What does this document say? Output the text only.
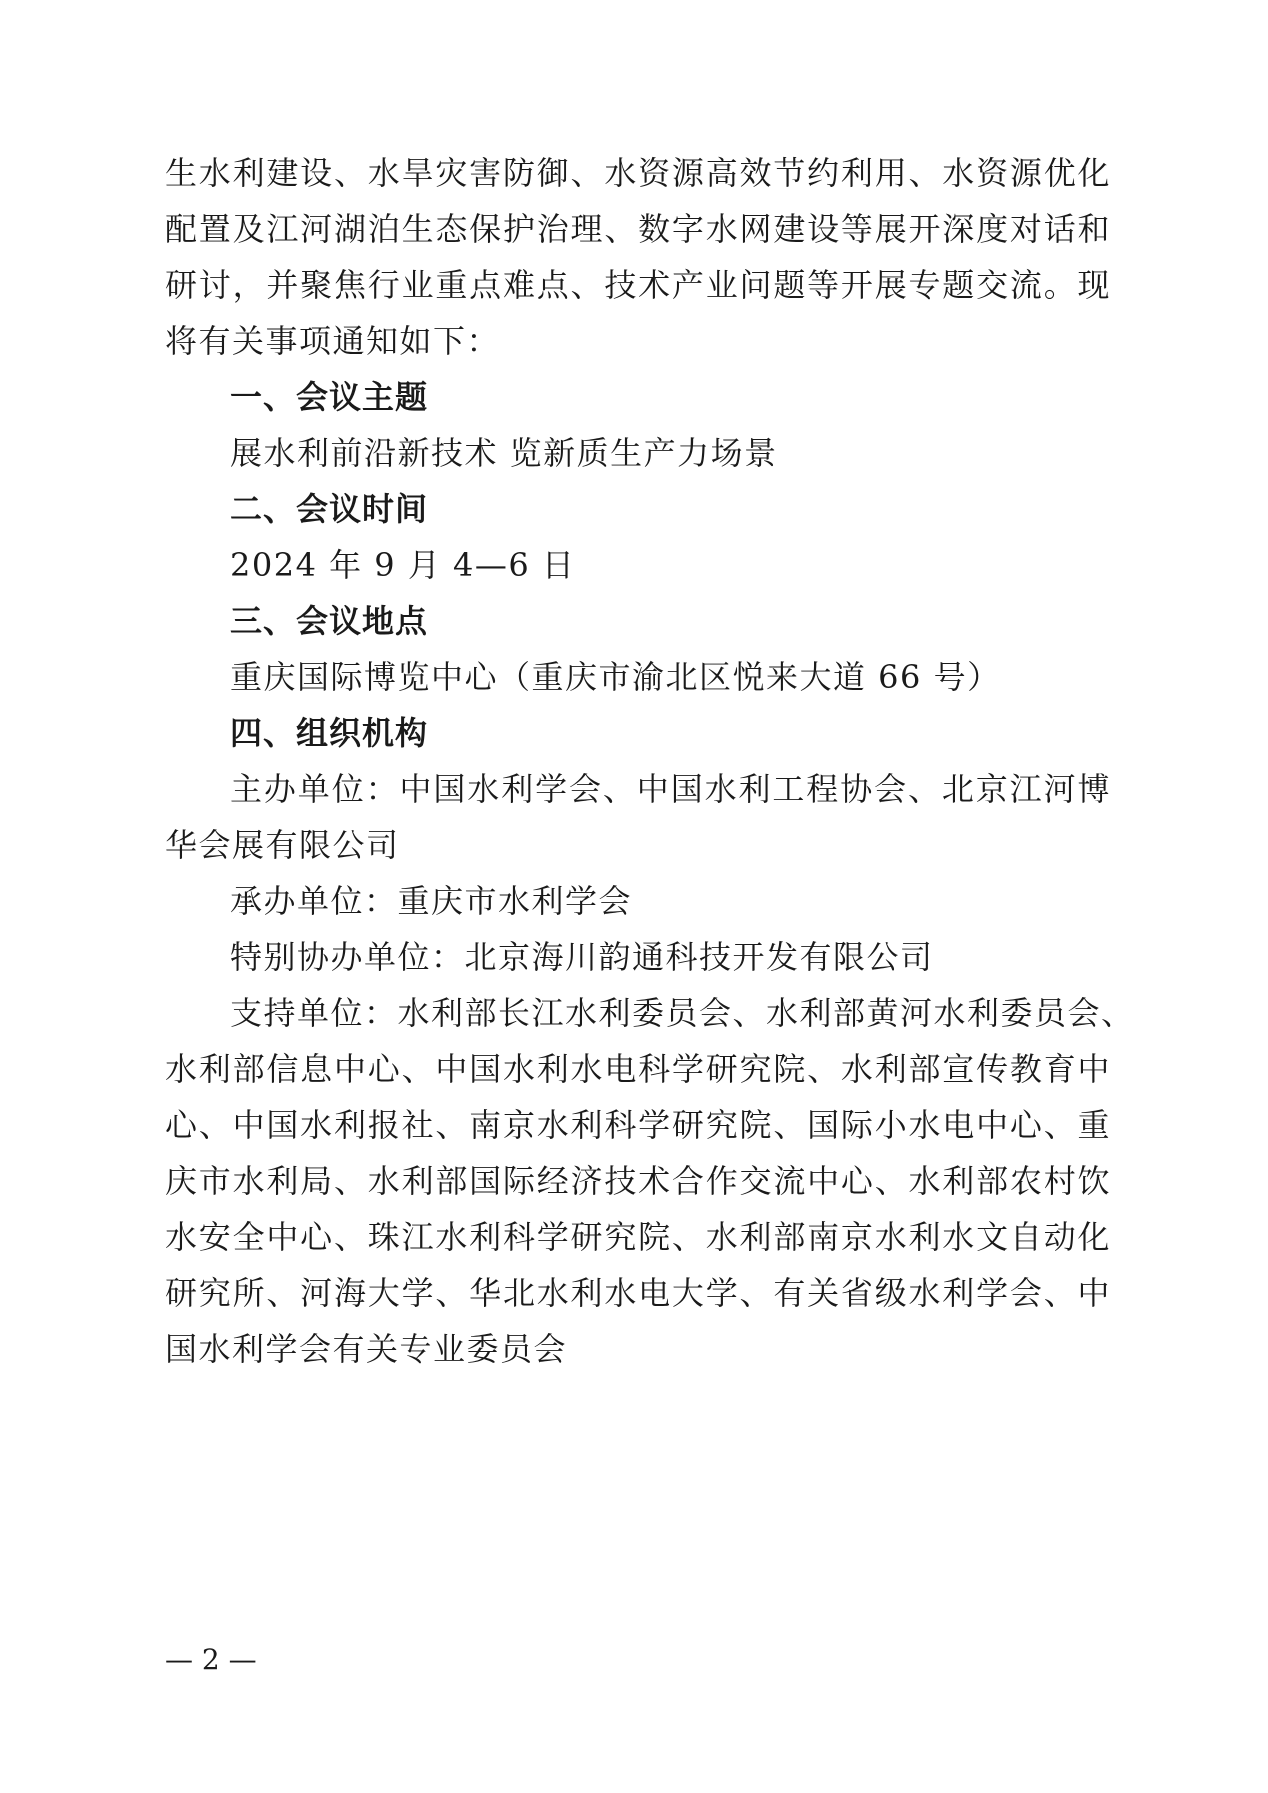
生水利建设、水旱灾害防御、水资源高效节约利用、水资源优化
配置及江河湖泊生态保护治理、数字水网建设等展开深度对话和
研讨，并聚焦行业重点难点、技术产业问题等开展专题交流。现
将有关事项通知如下：
一、会议主题
展水利前沿新技术 览新质生产力场景
二、会议时间
2024 年 9 月 4—6 日
三、会议地点
重庆国际博览中心（重庆市渝北区悦来大道 66 号）
四、组织机构
主办单位：中国水利学会、中国水利工程协会、北京江河博
华会展有限公司
承办单位：重庆市水利学会
特别协办单位：北京海川韵通科技开发有限公司
支持单位：水利部长江水利委员会、水利部黄河水利委员会、
水利部信息中心、中国水利水电科学研究院、水利部宣传教育中
心、中国水利报社、南京水利科学研究院、国际小水电中心、重
庆市水利局、水利部国际经济技术合作交流中心、水利部农村饮
水安全中心、珠江水利科学研究院、水利部南京水利水文自动化
研究所、河海大学、华北水利水电大学、有关省级水利学会、中
国水利学会有关专业委员会
— 2 —
